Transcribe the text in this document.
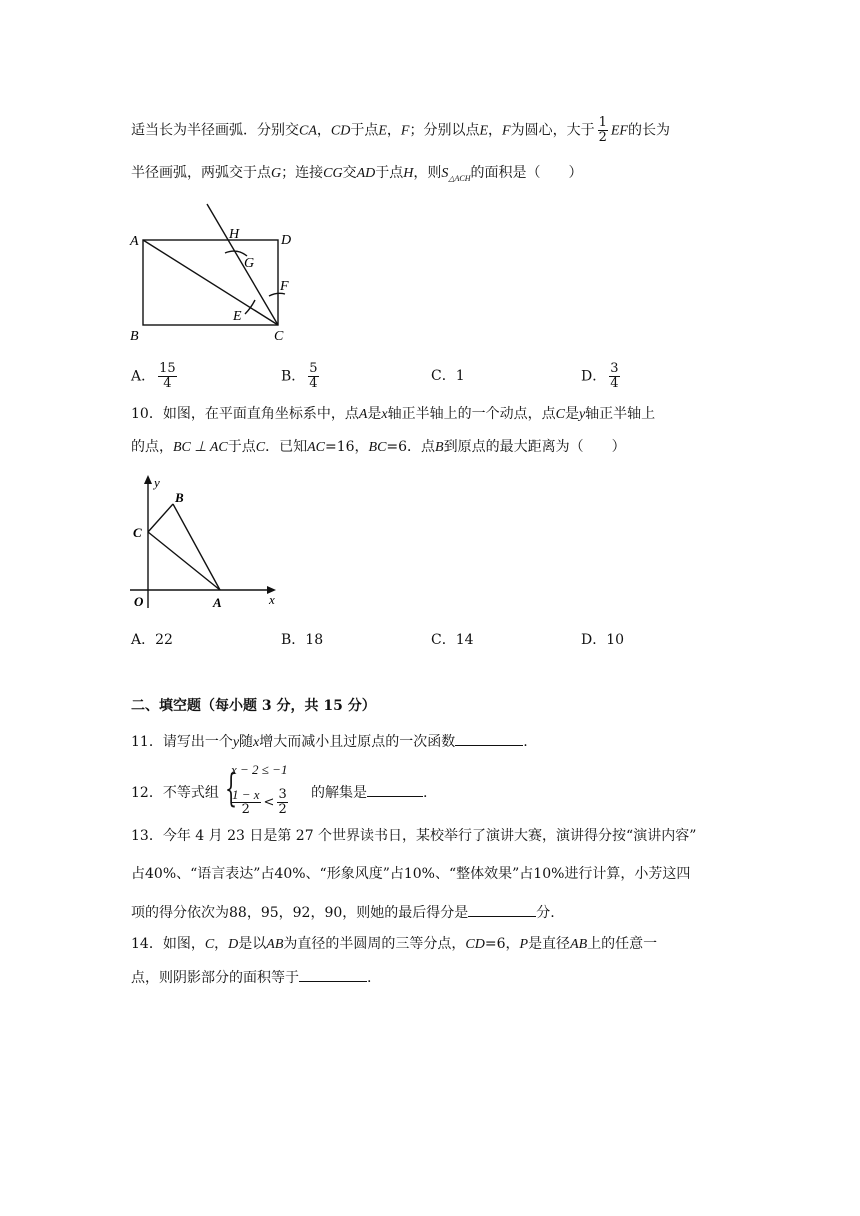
适当长为半径画弧．分别交CA，CD于点E，F；分别以点E，F为圆心，大于 $\frac{1}{2}$ EF的长为
半径画弧，两弧交于点G；连接CG交AD于点H，则$S_{\triangle ACH}$的面积是（　　）
A	D
B	C
H
G
F
E
A． $\frac{15}{4}$	B． $\frac{5}{4}$	C．1	D． $\frac{3}{4}$
10．如图，在平面直角坐标系中，点A是x轴正半轴上的一个动点，点C是y轴正半轴上
的点，BC ⊥ AC于点C．已知AC=16，BC=6．点B到原点的最大距离为（　　）
y
x
B
C
O	A
A．22	B．18	C．14	D．10
二、填空题（每小题 3 分，共 15 分）
11．请写出一个y随x增大而减小且过原点的一次函数	.
12．不等式组 {
x − 2 ≤ −1
$\frac{1 - x}{2} < \frac{3}{2}$ 的解集是	.
13．今年 4 月 23 日是第 27 个世界读书日，某校举行了演讲大赛，演讲得分按“演讲内容”
占40%、“语言表达”占40%、“形象风度”占10%、“整体效果”占10%进行计算，小芳这四
项的得分依次为88，95，92，90，则她的最后得分是	分.
14．如图，C，D是以AB为直径的半圆周的三等分点，CD=6，P是直径AB上的任意一
点，则阴影部分的面积等于	.
